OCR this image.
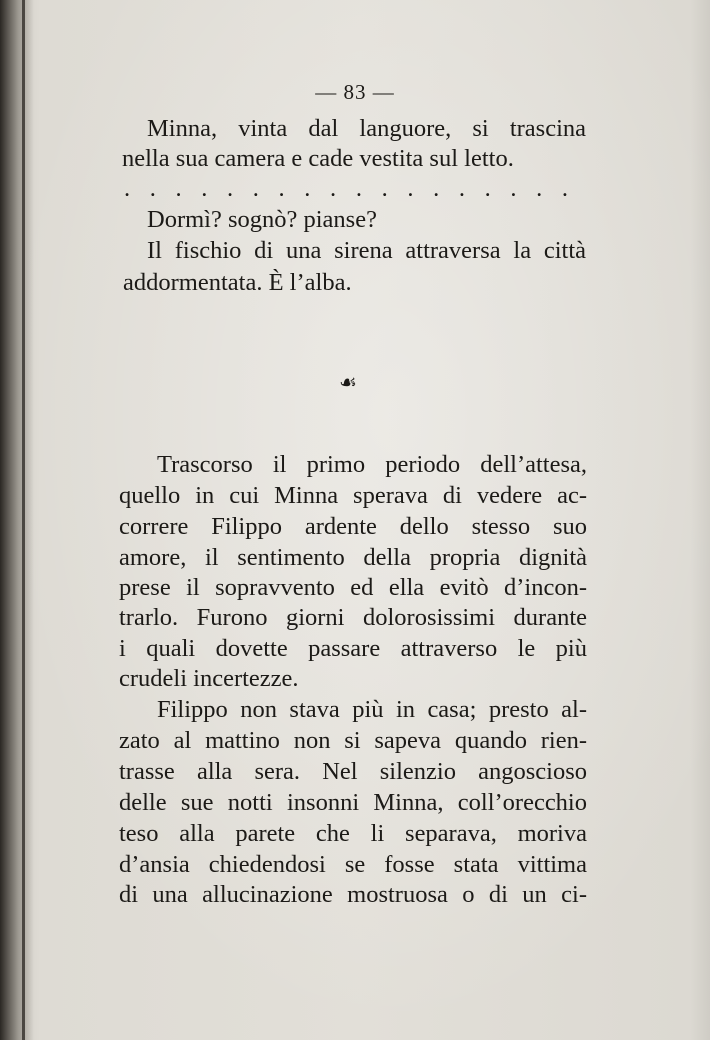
— 83 —
Minna, vinta dal languore, si trascina
nella sua camera e cade vestita sul letto.
. . . . . . . . . . . . . . . . . .
Dormì? sognò? pianse?
Il fischio di una sirena attraversa la città
addormentata. È l’alba.
☙
Trascorso il primo periodo dell’attesa,
quello in cui Minna sperava di vedere ac-
correre Filippo ardente dello stesso suo
amore, il sentimento della propria dignità
prese il sopravvento ed ella evitò d’incon-
trarlo. Furono giorni dolorosissimi durante
i quali dovette passare attraverso le più
crudeli incertezze.
Filippo non stava più in casa; presto al-
zato al mattino non si sapeva quando rien-
trasse alla sera. Nel silenzio angoscioso
delle sue notti insonni Minna, coll’orecchio
teso alla parete che li separava, moriva
d’ansia chiedendosi se fosse stata vittima
di una allucinazione mostruosa o di un ci-
